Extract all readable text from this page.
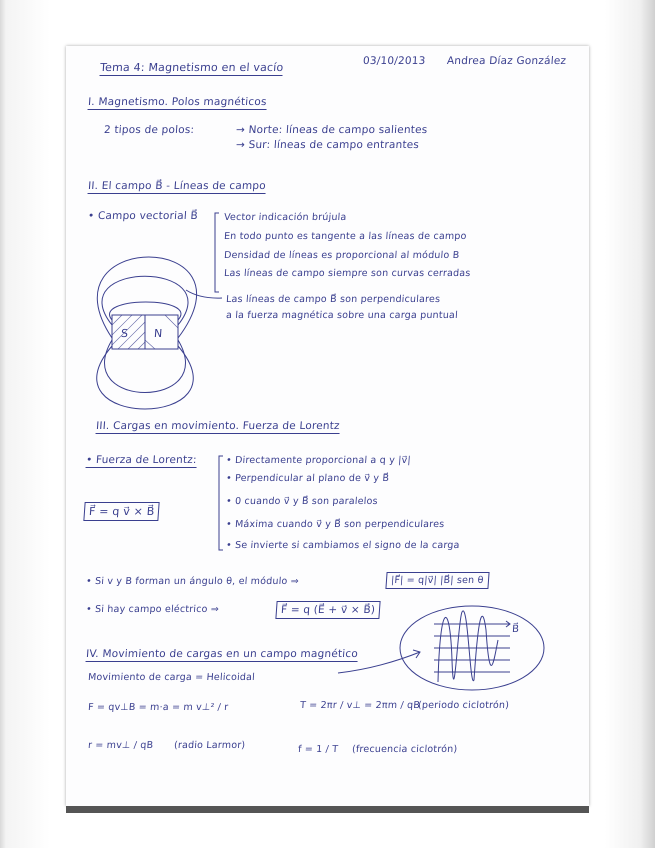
Tema 4: Magnetismo en el vacío	03/10/2013 Andrea Díaz González
I. Magnetismo. Polos magnéticos
2 tipos de polos:	→ Norte: líneas de campo salientes
→ Sur: líneas de campo entrantes
II. El campo B⃗ - Líneas de campo
• Campo vectorial B⃗	Vector indicación brújula
En todo punto es tangente a las líneas de campo
Densidad de líneas es proporcional al módulo B
Las líneas de campo siempre son curvas cerradas
Las líneas de campo B⃗ son perpendiculares
a la fuerza magnética sobre una carga puntual
S N
III. Cargas en movimiento. Fuerza de Lorentz
• Fuerza de Lorentz:
F⃗ = q v⃗ × B⃗
• Directamente proporcional a q y |v⃗|
• Perpendicular al plano de v⃗ y B⃗
• 0 cuando v⃗ y B⃗ son paralelos
• Máxima cuando v⃗ y B⃗ son perpendiculares
• Se invierte si cambiamos el signo de la carga
• Si v y B forman un ángulo θ, el módulo ⇒	|F⃗| = q|v⃗| |B⃗| sen θ
• Si hay campo eléctrico ⇒	F⃗ = q (E⃗ + v⃗ × B⃗)
IV. Movimiento de cargas en un campo magnético
Movimiento de carga = Helicoidal
F = qv⊥B = m·a = m v⊥² / r	T = 2πr / v⊥ = 2πm / qB
(periodo ciclotrón)
r = mv⊥ / qB (radio Larmor)	f = 1 / T (frecuencia ciclotrón)
B⃗
